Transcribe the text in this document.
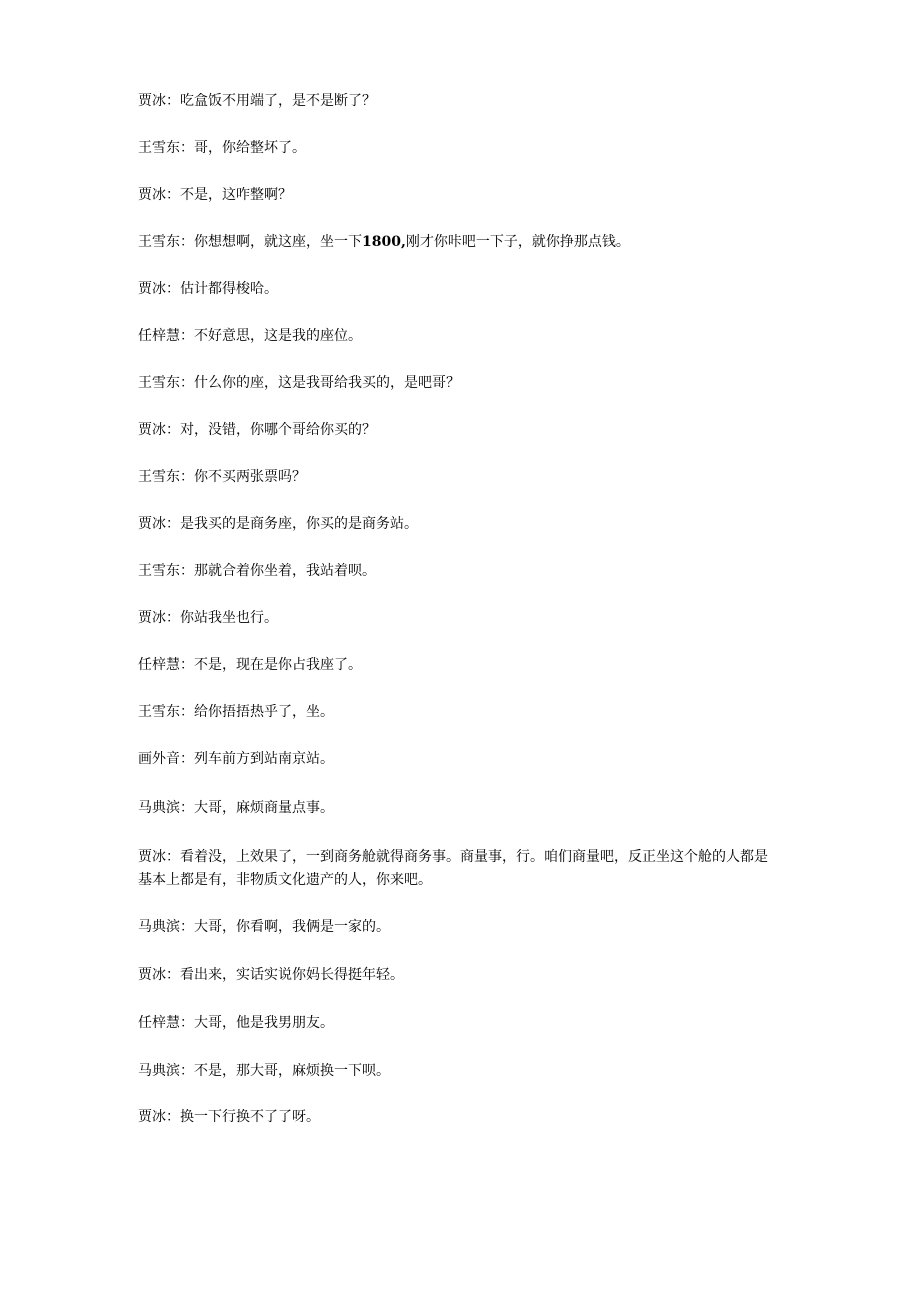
贾冰：吃盒饭不用端了，是不是断了？
王雪东：哥，你给整坏了。
贾冰：不是，这咋整啊？
王雪东：你想想啊，就这座，坐一下1800,刚才你咔吧一下子，就你挣那点钱。
贾冰：估计都得梭哈。
任梓慧：不好意思，这是我的座位。
王雪东：什么你的座，这是我哥给我买的，是吧哥？
贾冰：对，没错，你哪个哥给你买的？
王雪东：你不买两张票吗？
贾冰：是我买的是商务座，你买的是商务站。
王雪东：那就合着你坐着，我站着呗。
贾冰：你站我坐也行。
任梓慧：不是，现在是你占我座了。
王雪东：给你捂捂热乎了，坐。
画外音：列车前方到站南京站。
马典滨：大哥，麻烦商量点事。
贾冰：看着没，上效果了，一到商务舱就得商务事。商量事，行。咱们商量吧，反正坐这个舱的人都是基本上都是有，非物质文化遗产的人，你来吧。
马典滨：大哥，你看啊，我俩是一家的。
贾冰：看出来，实话实说你妈长得挺年轻。
任梓慧：大哥，他是我男朋友。
马典滨：不是，那大哥，麻烦换一下呗。
贾冰：换一下行换不了了呀。
